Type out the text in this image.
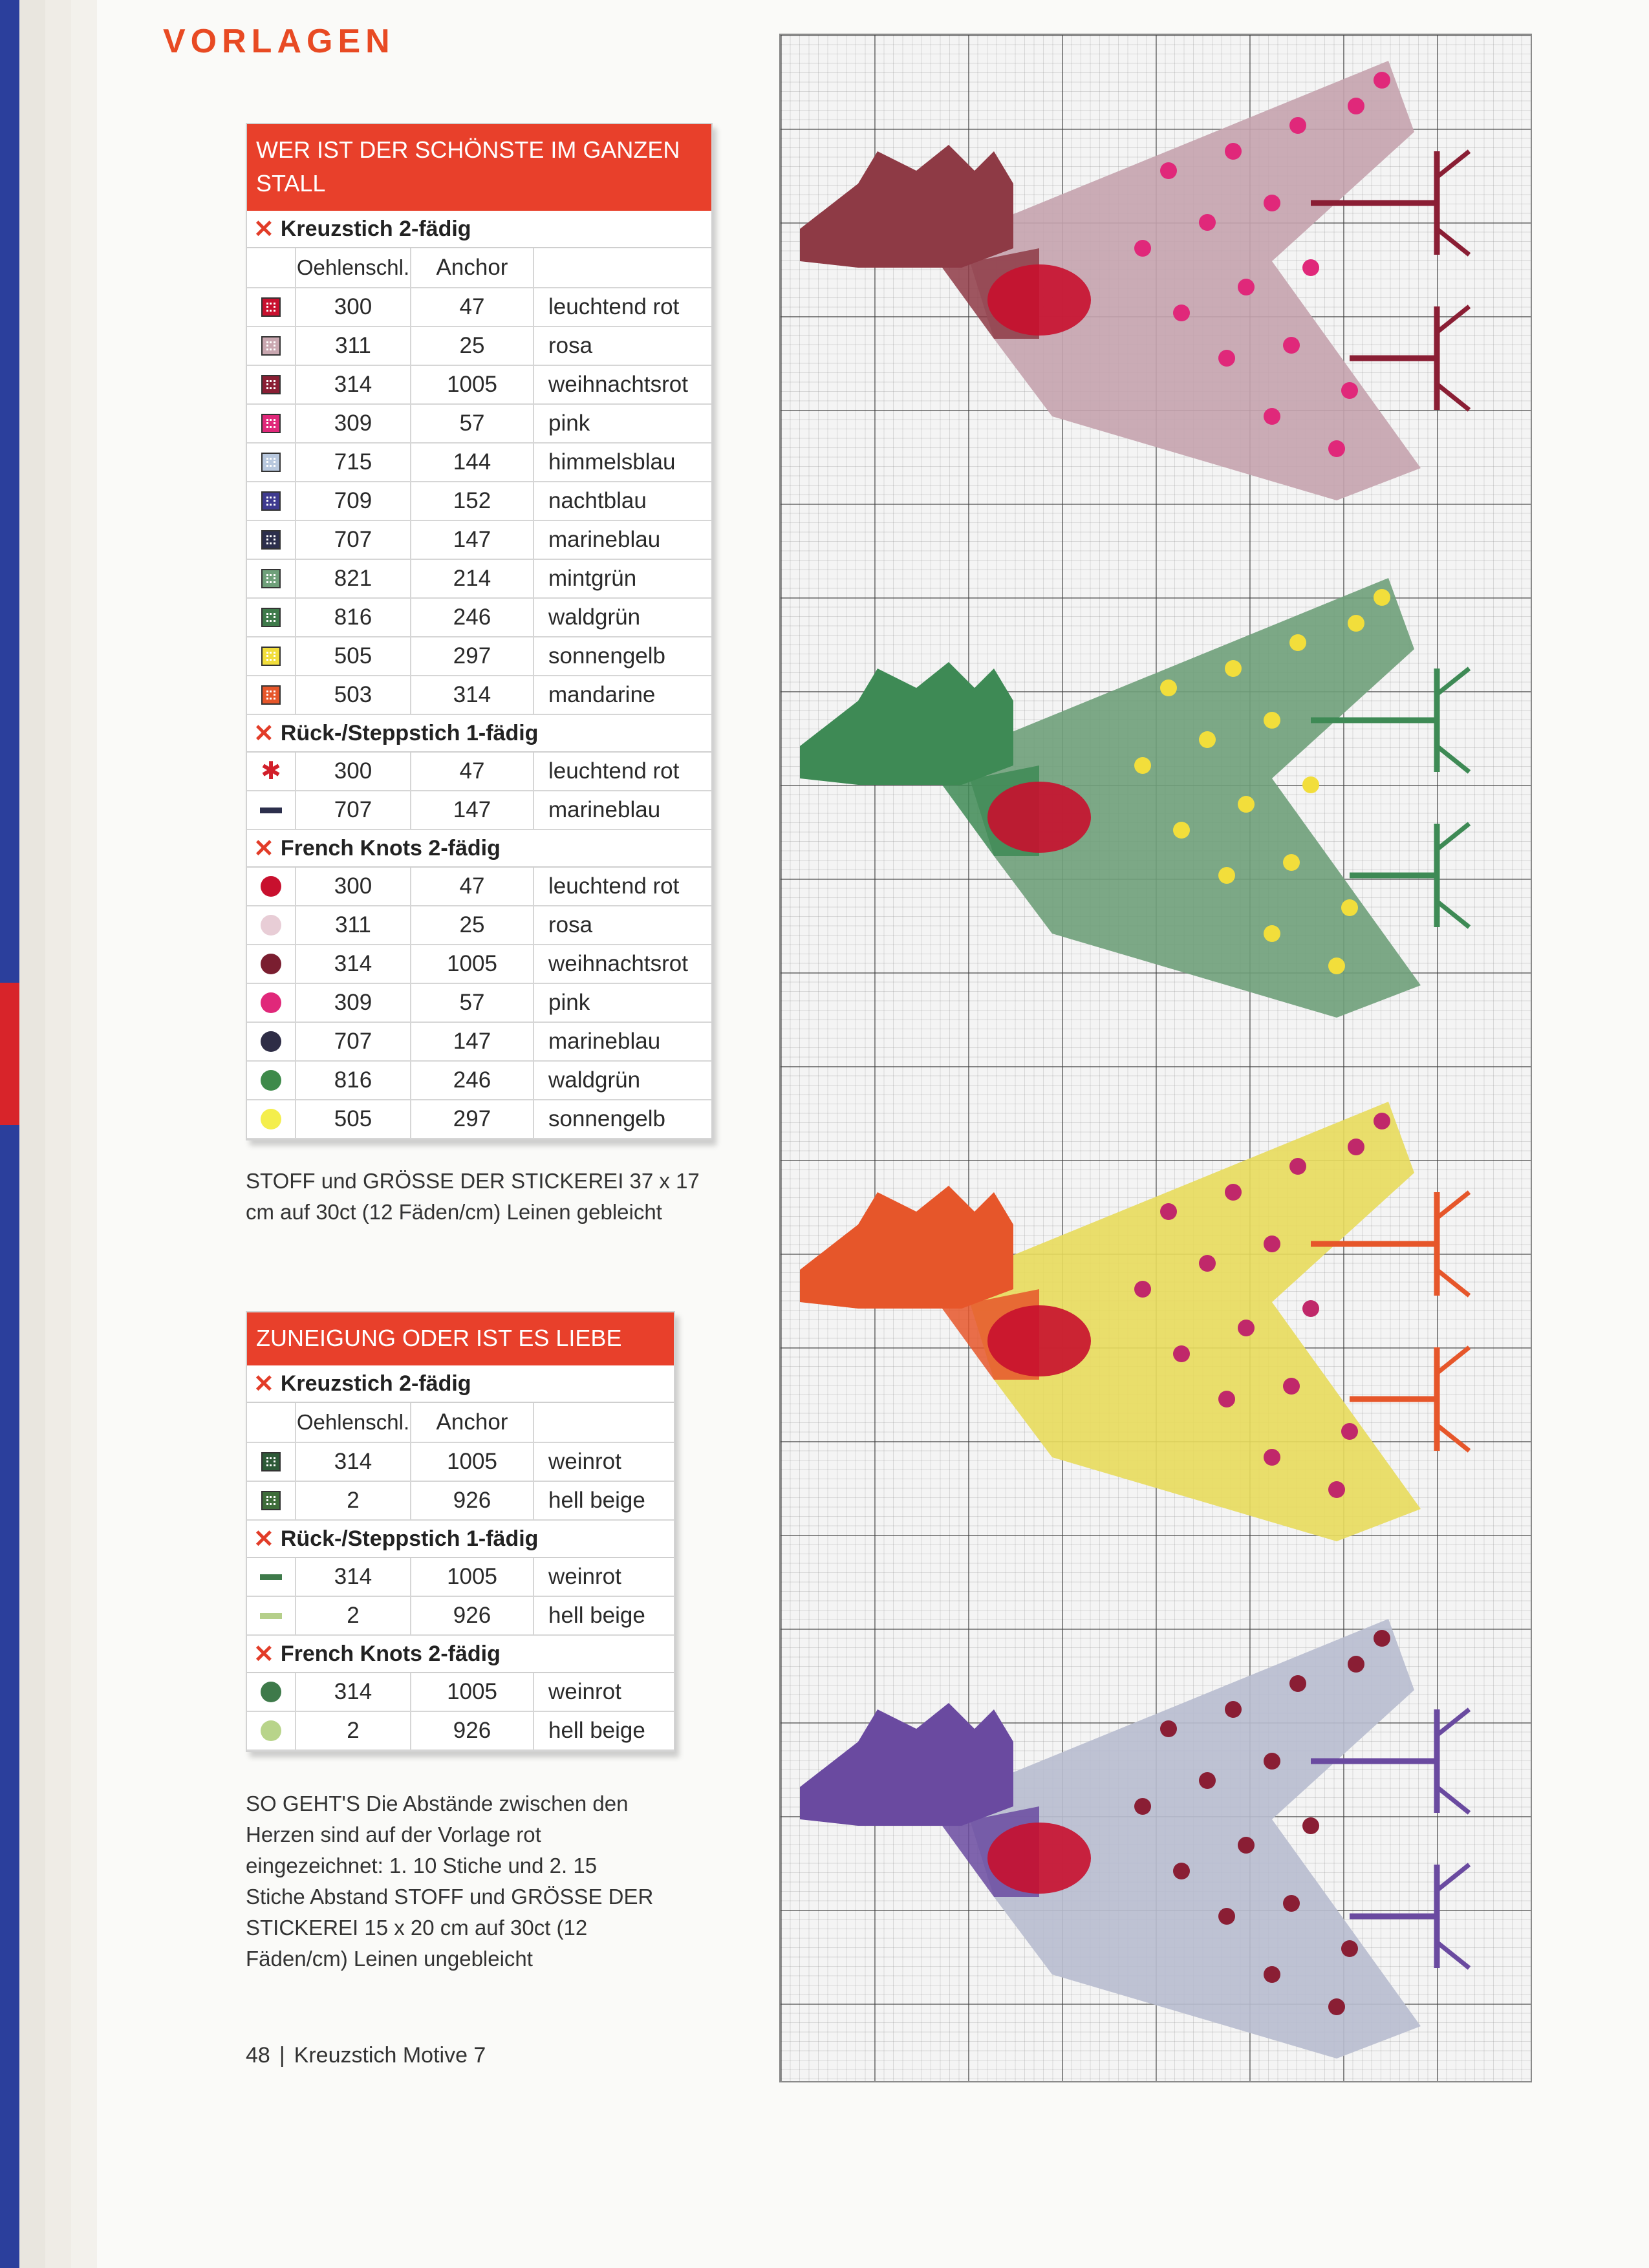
VORLAGEN
WER IST DER SCHÖNSTE IM GANZEN STALL
✕ Kreuzstich 2-fädig
Oehlenschl.	Anchor
300	47	leuchtend rot
311	25	rosa
314	1005	weihnachtsrot
309	57	pink
715	144	himmelsblau
709	152	nachtblau
707	147	marineblau
821	214	mintgrün
816	246	waldgrün
505	297	sonnengelb
503	314	mandarine
✕ Rück-/Steppstich 1-fädig
✱	300	47	leuchtend rot
707	147	marineblau
✕ French Knots 2-fädig
300	47	leuchtend rot
311	25	rosa
314	1005	weihnachtsrot
309	57	pink
707	147	marineblau
816	246	waldgrün
505	297	sonnengelb
STOFF und GRÖSSE DER STICKEREI 37 x 17 cm auf 30ct (12 Fäden/cm) Leinen gebleicht
ZUNEIGUNG ODER IST ES LIEBE
✕ Kreuzstich 2-fädig
Oehlenschl.	Anchor
314	1005	weinrot
2	926	hell beige
✕ Rück-/Steppstich 1-fädig
314	1005	weinrot
2	926	hell beige
✕ French Knots 2-fädig
314	1005	weinrot
2	926	hell beige
SO GEHT'S Die Abstände zwischen den Herzen sind auf der Vorlage rot eingezeichnet: 1. 10 Stiche und 2. 15 Stiche Abstand STOFF und GRÖSSE DER STICKEREI 15 x 20 cm auf 30ct (12 Fäden/cm) Leinen ungebleicht
48 | Kreuzstich Motive 7
